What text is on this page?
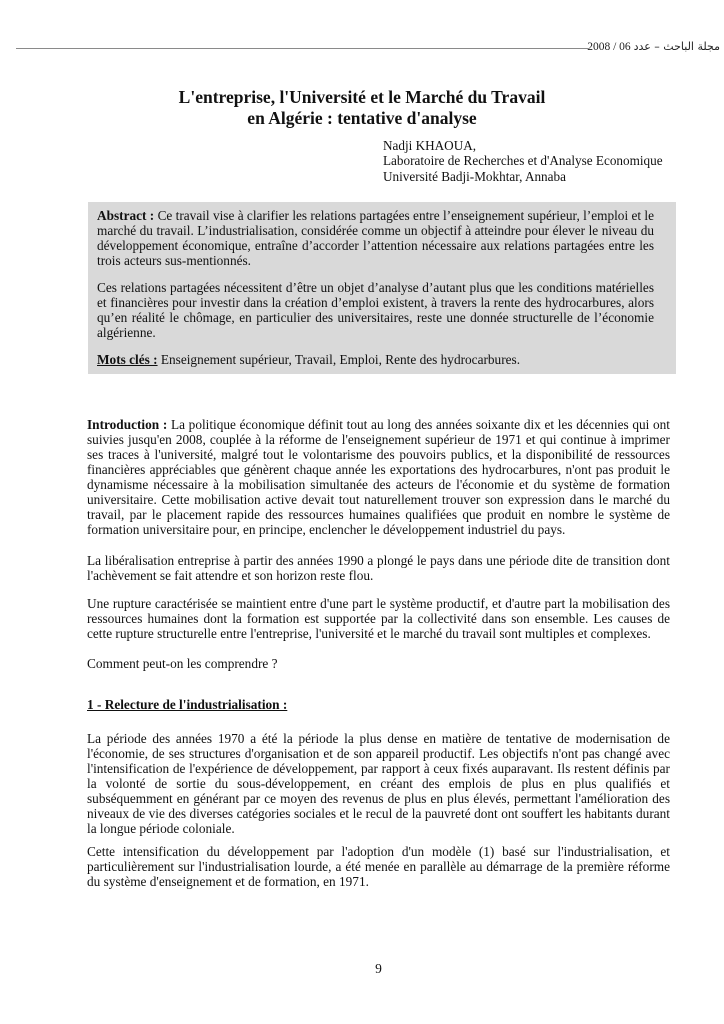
2008 / 06 مجلة الباحث – عدد
L'entreprise, l'Université et le Marché du Travail
en Algérie : tentative d'analyse
Nadji KHAOUA,
Laboratoire de Recherches et d'Analyse Economique
Université Badji-Mokhtar, Annaba

Abstract : Ce travail vise à clarifier les relations partagées entre l’enseignement supérieur, l’emploi et le marché du travail. L’industrialisation, considérée comme un objectif à atteindre pour élever le niveau du développement économique, entraîne d’accorder l’attention nécessaire aux relations partagées entre les trois acteurs sus-mentionnés.

Ces relations partagées nécessitent d’être un objet d’analyse d’autant plus que les conditions matérielles et financières pour investir dans la création d’emploi existent, à travers la rente des hydrocarbures, alors qu’en réalité le chômage, en particulier des universitaires, reste une donnée structurelle de l’économie algérienne.

Mots clés : Enseignement supérieur, Travail, Emploi, Rente des hydrocarbures.

Introduction : La politique économique définit tout au long des années soixante dix et les décennies qui ont suivies jusqu'en 2008, couplée à la réforme de l'enseignement supérieur de 1971 et qui continue à imprimer ses traces à l'université, malgré tout le volontarisme des pouvoirs publics, et la disponibilité de ressources financières appréciables que génèrent chaque année les exportations des hydrocarbures, n'ont pas produit le dynamisme nécessaire à la mobilisation simultanée des acteurs de l'économie et du système de formation universitaire. Cette mobilisation active devait tout naturellement trouver son expression dans le marché du travail, par le placement rapide des ressources humaines qualifiées que produit en nombre le système de formation universitaire pour, en principe, enclencher le développement industriel du pays.

La libéralisation entreprise à partir des années 1990 a plongé le pays dans une période dite de transition dont l'achèvement se fait attendre et son horizon reste flou.

Une rupture caractérisée se maintient entre d'une part le système productif, et d'autre part la mobilisation des ressources humaines dont la formation est supportée par la collectivité dans son ensemble. Les causes de cette rupture structurelle entre l'entreprise, l'université et le marché du travail sont multiples et complexes.

Comment peut-on les comprendre ?

1 - Relecture de l'industrialisation :

La période des années 1970 a été la période la plus dense en matière de tentative de modernisation de l'économie, de ses structures d'organisation et de son appareil productif. Les objectifs n'ont pas changé avec l'intensification de l'expérience de développement, par rapport à ceux fixés auparavant. Ils restent définis par la volonté de sortie du sous-développement, en créant des emplois de plus en plus qualifiés et subséquemment en générant par ce moyen des revenus de plus en plus élevés, permettant l'amélioration des niveaux de vie des diverses catégories sociales et le recul de la pauvreté dont ont souffert les habitants durant la longue période coloniale.

Cette intensification du développement par l'adoption d'un modèle (1) basé sur l'industrialisation, et particulièrement sur l'industrialisation lourde, a été menée en parallèle au démarrage de la première réforme du système d'enseignement et de formation, en 1971.

9
